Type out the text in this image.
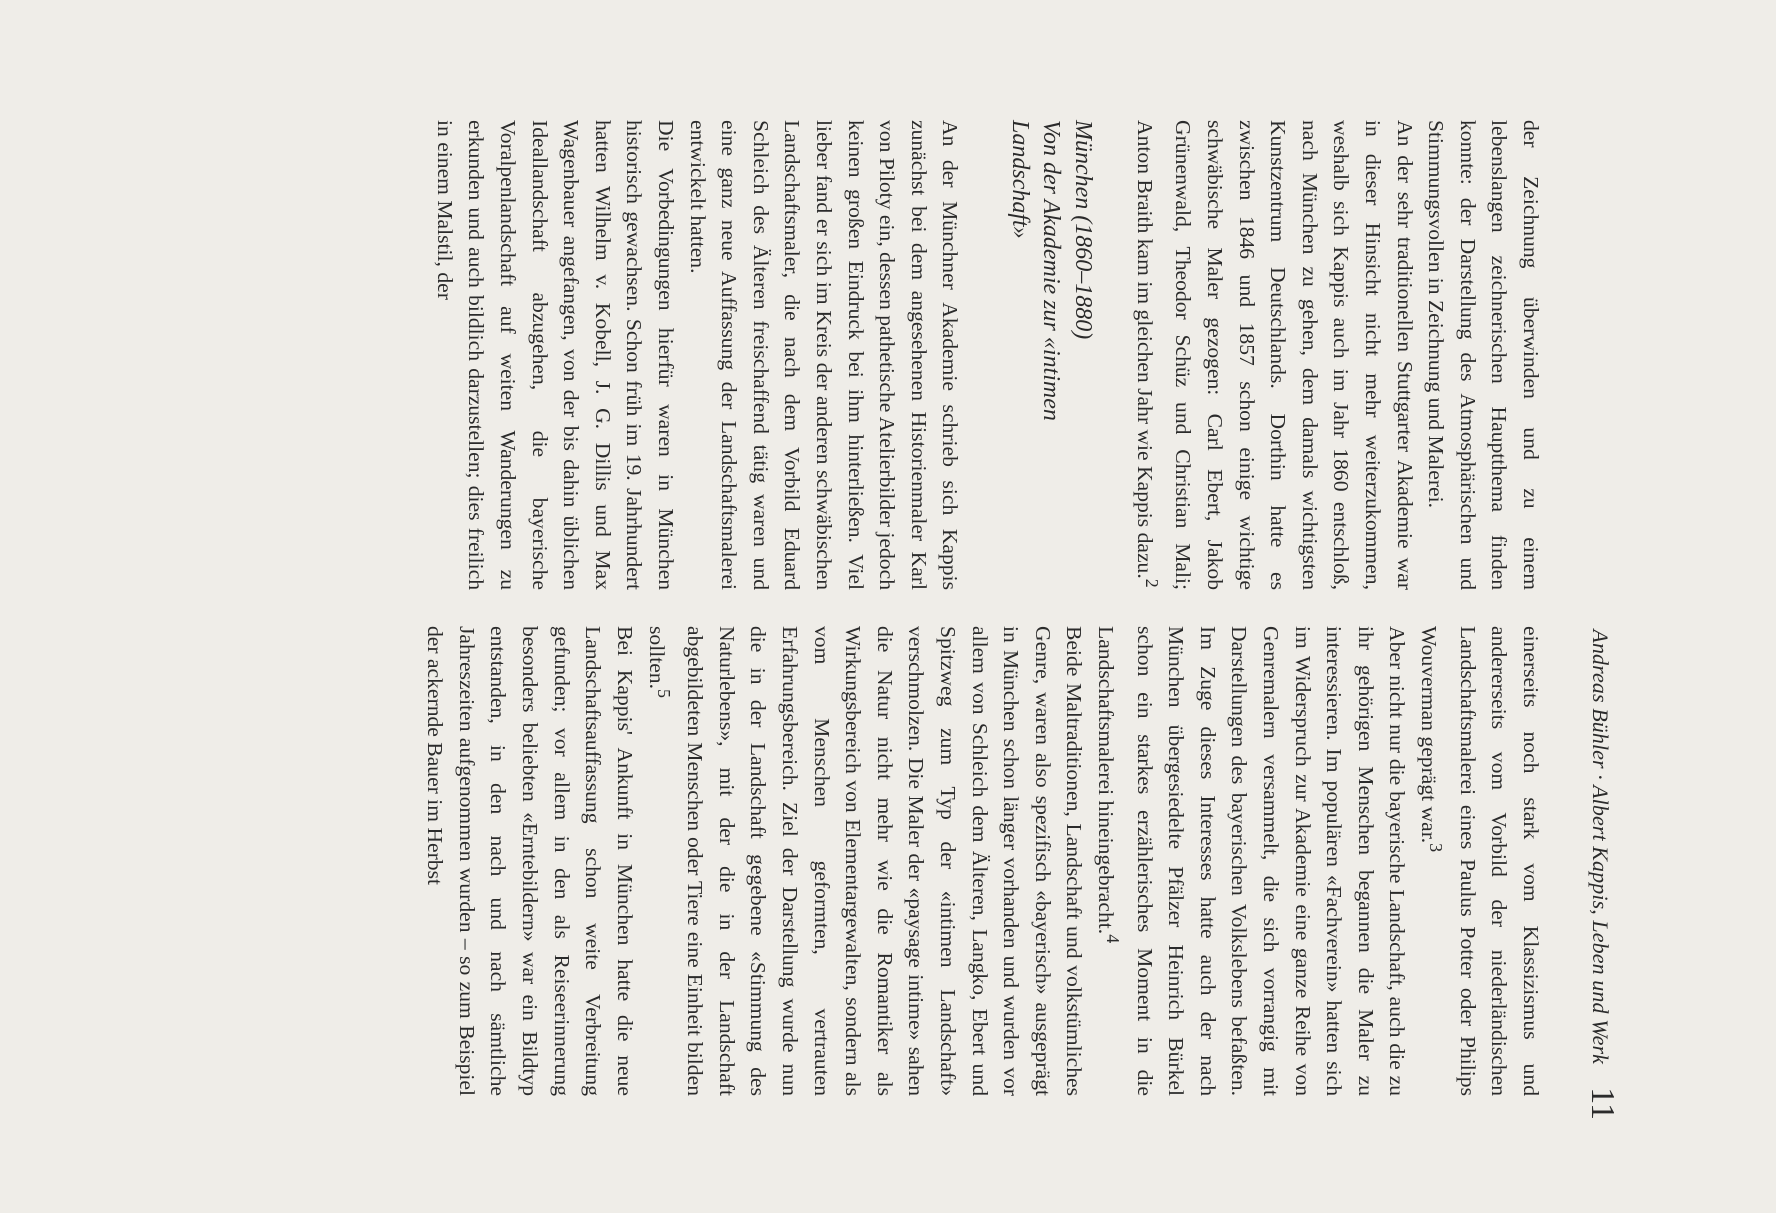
Andreas Bühler · Albert Kappis, Leben und Werk
11

der Zeichnung überwinden und zu einem lebenslangen zeichnerischen Hauptthema finden konnte: der Darstellung des Atmosphärischen und Stimmungsvollen in Zeichnung und Malerei.

An der sehr traditionellen Stuttgarter Akademie war in dieser Hinsicht nicht mehr weiterzukommen, weshalb sich Kappis auch im Jahr 1860 entschloß, nach München zu gehen, dem damals wichtigsten Kunstzentrum Deutschlands. Dorthin hatte es zwischen 1846 und 1857 schon einige wichtige schwäbische Maler gezogen: Carl Ebert, Jakob Grünenwald, Theodor Schüz und Christian Mali; Anton Braith kam im gleichen Jahr wie Kappis dazu.$^2$

München (1860–1880)
Von der Akademie zur «intimen
Landschaft»

An der Münchner Akademie schrieb sich Kappis zunächst bei dem angesehenen Historienmaler Karl von Piloty ein, dessen pathetische Atelierbilder jedoch keinen großen Eindruck bei ihm hinterließen. Viel lieber fand er sich im Kreis der anderen schwäbischen Landschaftsmaler, die nach dem Vorbild Eduard Schleich des Älteren freischaffend tätig waren und eine ganz neue Auffassung der Landschaftsmalerei entwickelt hatten.

Die Vorbedingungen hierfür waren in München historisch gewachsen. Schon früh im 19. Jahrhundert hatten Wilhelm v. Kobell, J. G. Dillis und Max Wagenbauer angefangen, von der bis dahin üblichen Ideallandschaft abzugehen, die bayerische Voralpenlandschaft auf weiten Wanderungen zu erkunden und auch bildlich darzustellen; dies freilich in einem Malstil, der

einerseits noch stark vom Klassizismus und andererseits vom Vorbild der niederländischen Landschaftsmalerei eines Paulus Potter oder Philips Wouverman geprägt war.$^3$

Aber nicht nur die bayerische Landschaft, auch die zu ihr gehörigen Menschen begannen die Maler zu interessieren. Im populären «Fachverein» hatten sich im Widerspruch zur Akademie eine ganze Reihe von Genremalern versammelt, die sich vorrangig mit Darstellungen des bayerischen Volkslebens befaßten. Im Zuge dieses Interesses hatte auch der nach München übergesiedelte Pfälzer Heinrich Bürkel schon ein starkes erzählerisches Moment in die Landschaftsmalerei hineingebracht.$^4$

Beide Maltraditionen, Landschaft und volkstümliches Genre, waren also spezifisch «bayerisch» ausgeprägt in München schon länger vorhanden und wurden vor allem von Schleich dem Älteren, Langko, Ebert und Spitzweg zum Typ der «intimen Landschaft» verschmolzen. Die Maler der «paysage intime» sahen die Natur nicht mehr wie die Romantiker als Wirkungsbereich von Elementargewalten, sondern als vom Menschen geformten, vertrauten Erfahrungsbereich. Ziel der Darstellung wurde nun die in der Landschaft gegebene «Stimmung des Naturlebens», mit der die in der Landschaft abgebildeten Menschen oder Tiere eine Einheit bilden sollten.$^5$

Bei Kappis' Ankunft in München hatte die neue Landschaftsauffassung schon weite Verbreitung gefunden; vor allem in den als Reiseerinnerung besonders beliebten «Erntebildern» war ein Bildtyp entstanden, in den nach und nach sämtliche Jahreszeiten aufgenommen wurden – so zum Beispiel der ackernde Bauer im Herbst
